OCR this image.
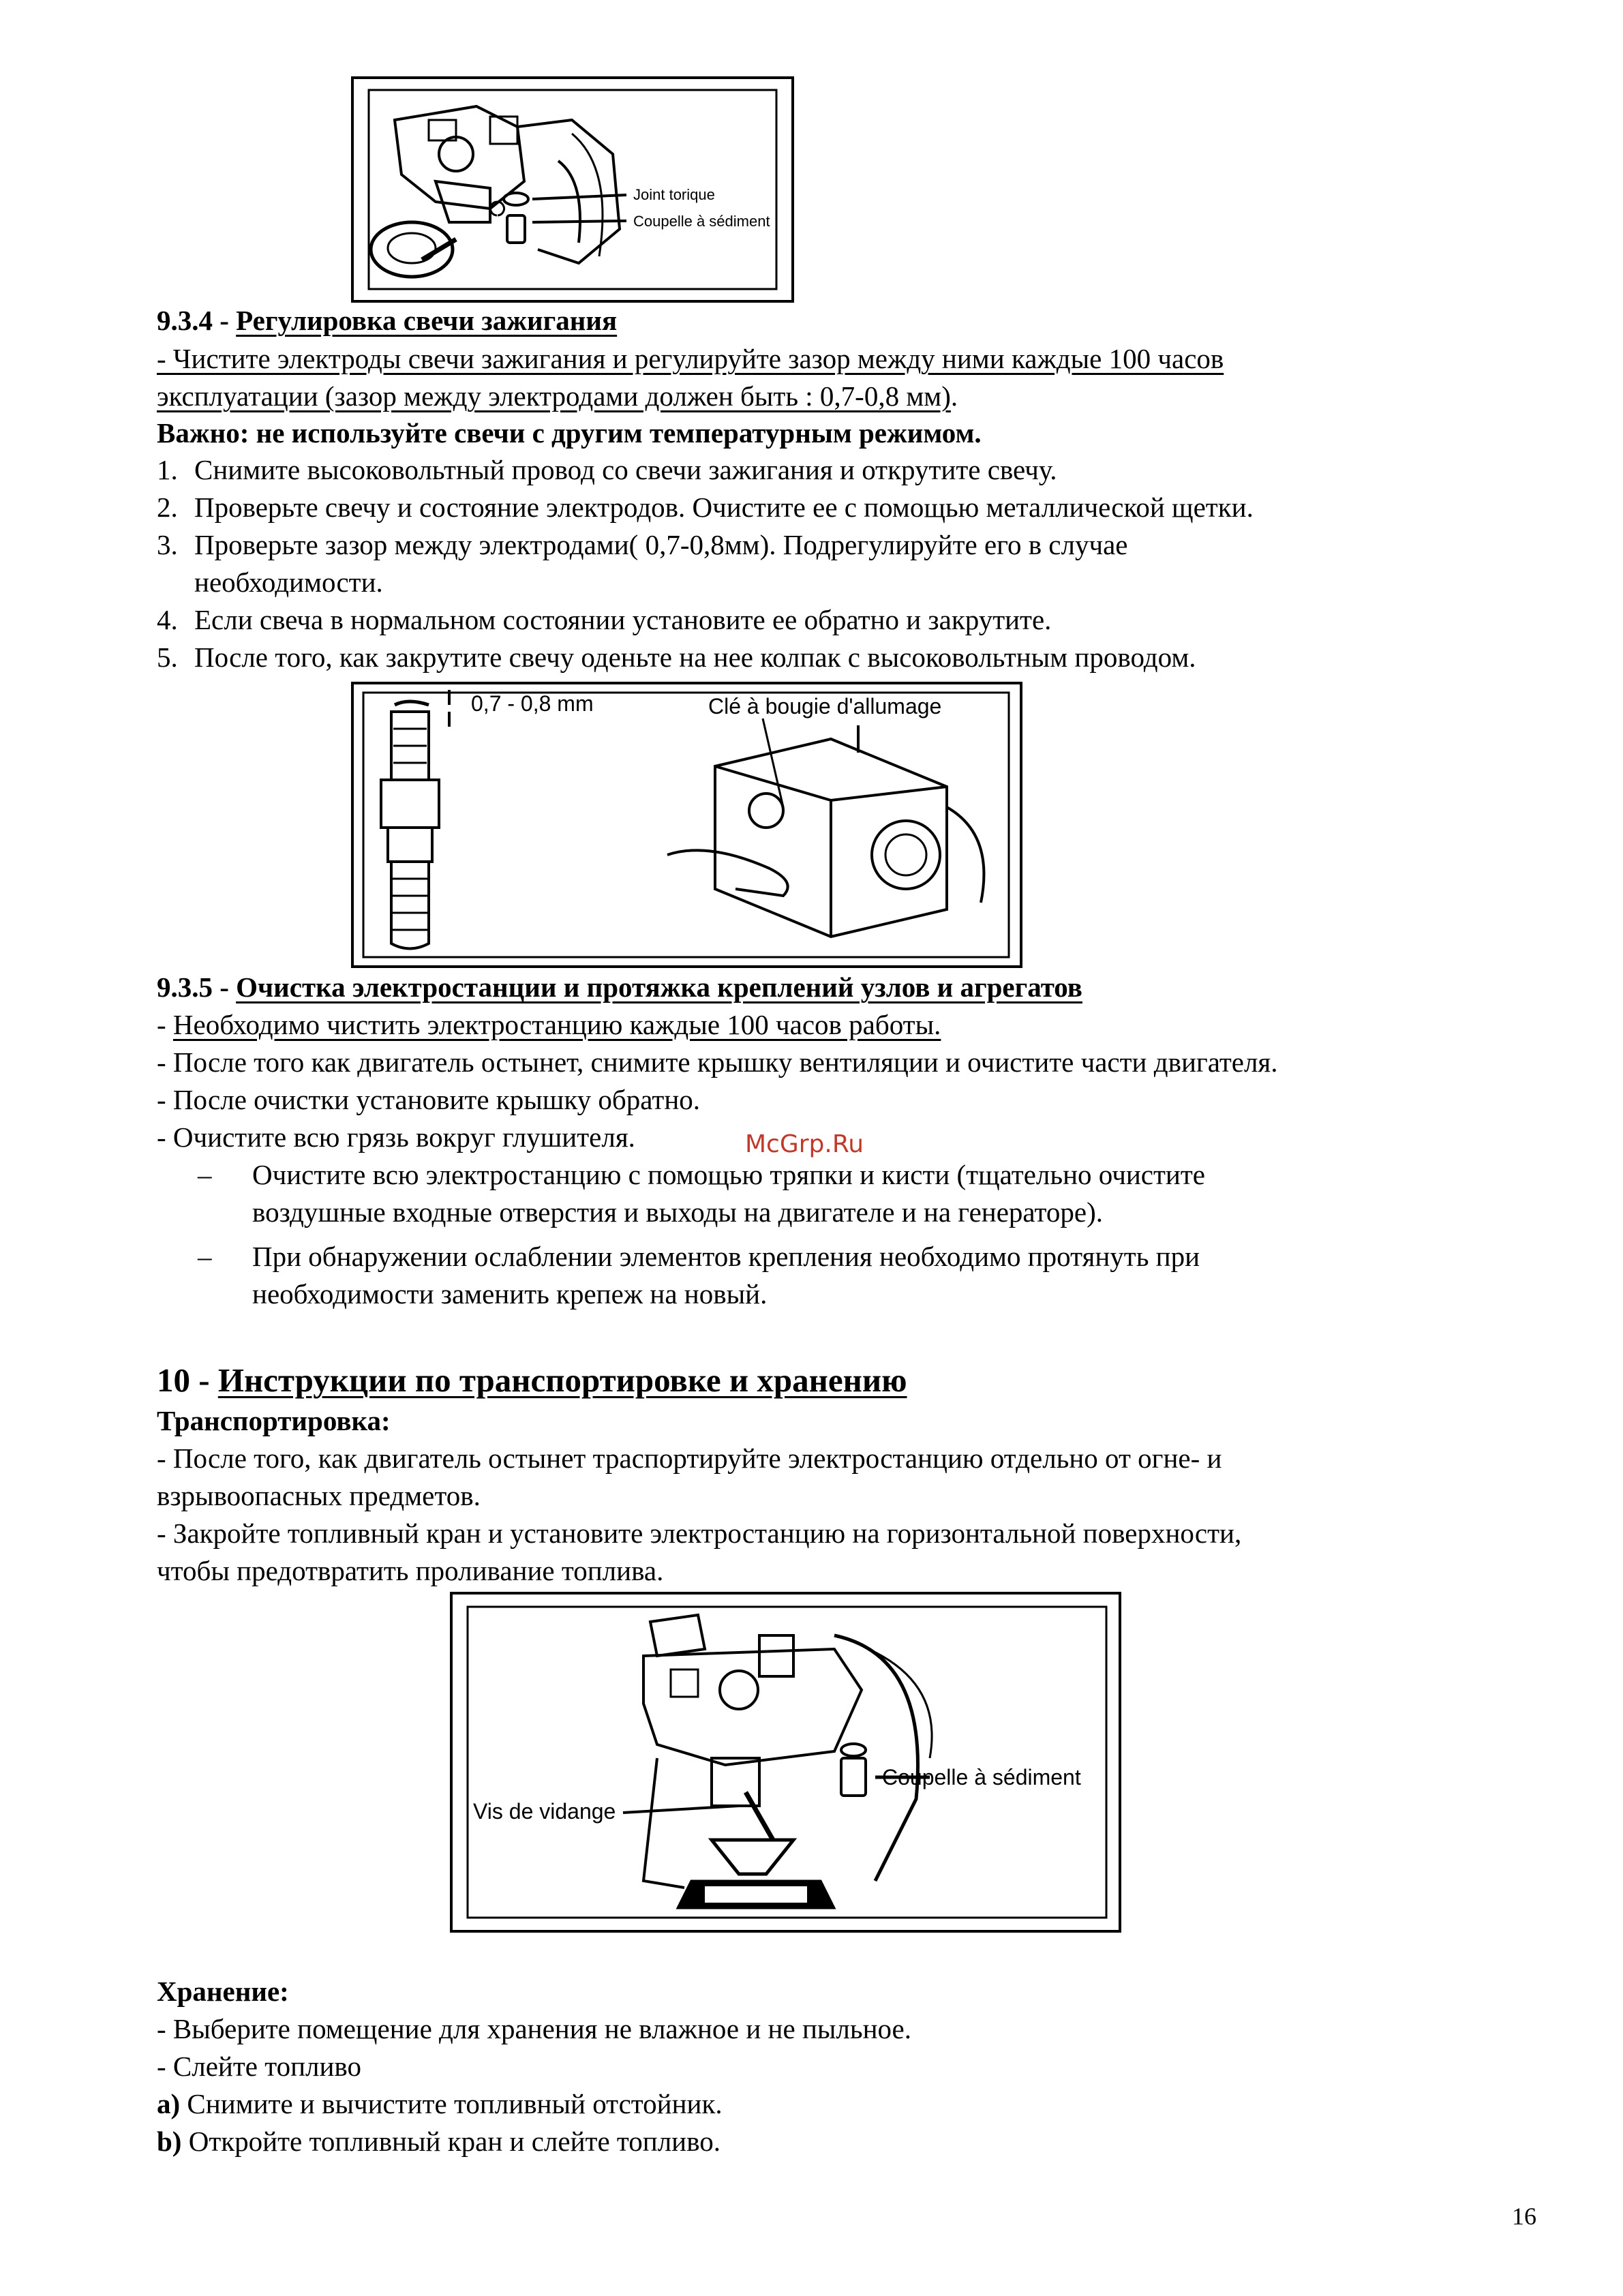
Joint torique
Coupelle à sédiment
9.3.4 - Регулировка свечи зажигания
- Чистите электроды свечи зажигания и регулируйте зазор между ними каждые 100 часов
эксплуатации (зазор между электродами должен быть : 0,7-0,8 мм).
Важно: не используйте свечи с другим температурным режимом.
1. Снимите высоковольтный провод со свечи зажигания и открутите свечу.
2. Проверьте свечу и состояние электродов. Очистите ее с помощью металлической щетки.
3. Проверьте зазор между электродами( 0,7-0,8мм). Подрегулируйте его в случае
необходимости.
4. Если свеча в нормальном состоянии установите ее обратно и закрутите.
5. После того, как закрутите свечу оденьте на нее колпак с высоковольтным проводом.
0,7 - 0,8 mm	Clé à bougie d'allumage
9.3.5 - Очистка электростанции и протяжка креплений узлов и агрегатов
- Необходимо чистить электростанцию каждые 100 часов работы.
- После того как двигатель остынет, снимите крышку вентиляции и очистите части двигателя.
- После очистки установите крышку обратно.
- Очистите всю грязь вокруг глушителя.	McGrp.Ru
– Очистите всю электростанцию с помощью тряпки и кисти (тщательно очистите
воздушные входные отверстия и выходы на двигателе и на генераторе).
– При обнаружении ослаблении элементов крепления необходимо протянуть при
необходимости заменить крепеж на новый.
10 - Инструкции по транспортировке и хранению
Транспортировка:
- После того, как двигатель остынет траспортируйте электростанцию отдельно от огне- и
взрывоопасных предметов.
- Закройте топливный кран и установите электростанцию на горизонтальной поверхности,
чтобы предотвратить проливание топлива.
Vis de vidange
Coupelle à sédiment
Хранение:
- Выберите помещение для хранения не влажное и не пыльное.
- Слейте топливо
a) Снимите и вычистите топливный отстойник.
b) Откройте топливный кран и слейте топливо.
16
